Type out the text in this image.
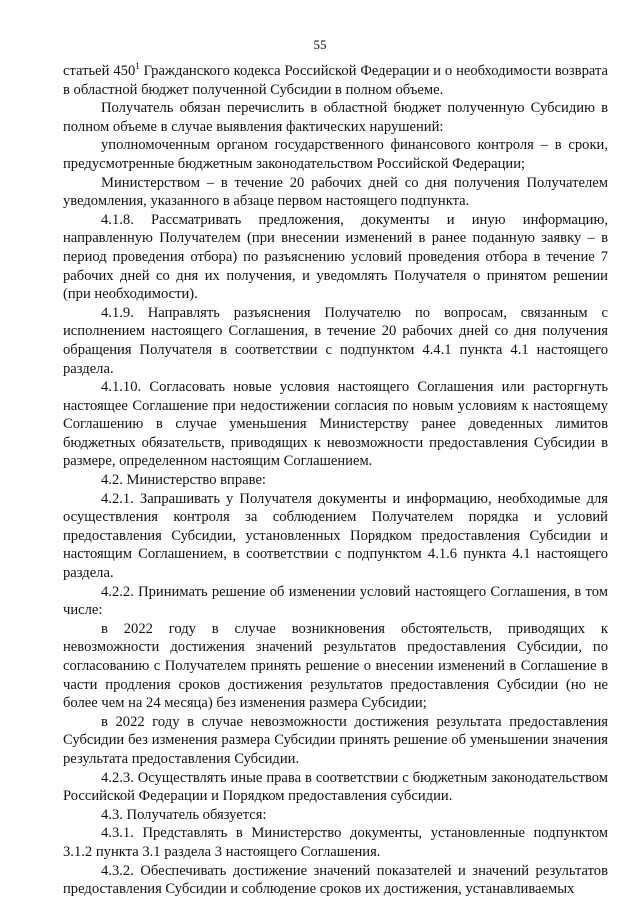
55

статьей $450^1$ Гражданского кодекса Российской Федерации и о необходимости возврата в областной бюджет полученной Субсидии в полном объеме.

Получатель обязан перечислить в областной бюджет полученную Субсидию в полном объеме в случае выявления фактических нарушений:

уполномоченным органом государственного финансового контроля – в сроки, предусмотренные бюджетным законодательством Российской Федерации;

Министерством – в течение 20 рабочих дней со дня получения Получателем уведомления, указанного в абзаце первом настоящего подпункта.

4.1.8. Рассматривать предложения, документы и иную информацию, направленную Получателем (при внесении изменений в ранее поданную заявку – в период проведения отбора) по разъяснению условий проведения отбора в течение 7 рабочих дней со дня их получения, и уведомлять Получателя о принятом решении (при необходимости).

4.1.9. Направлять разъяснения Получателю по вопросам, связанным с исполнением настоящего Соглашения, в течение 20 рабочих дней со дня получения обращения Получателя в соответствии с подпунктом 4.4.1 пункта 4.1 настоящего раздела.

4.1.10. Согласовать новые условия настоящего Соглашения или расторгнуть настоящее Соглашение при недостижении согласия по новым условиям к настоящему Соглашению в случае уменьшения Министерству ранее доведенных лимитов бюджетных обязательств, приводящих к невозможности предоставления Субсидии в размере, определенном настоящим Соглашением.

4.2. Министерство вправе:

4.2.1. Запрашивать у Получателя документы и информацию, необходимые для осуществления контроля за соблюдением Получателем порядка и условий предоставления Субсидии, установленных Порядком предоставления Субсидии и настоящим Соглашением, в соответствии с подпунктом 4.1.6 пункта 4.1 настоящего раздела.

4.2.2. Принимать решение об изменении условий настоящего Соглашения, в том числе:

в 2022 году в случае возникновения обстоятельств, приводящих к невозможности достижения значений результатов предоставления Субсидии, по согласованию с Получателем принять решение о внесении изменений в Соглашение в части продления сроков достижения результатов предоставления Субсидии (но не более чем на 24 месяца) без изменения размера Субсидии;

в 2022 году в случае невозможности достижения результата предоставления Субсидии без изменения размера Субсидии принять решение об уменьшении значения результата предоставления Субсидии.

4.2.3. Осуществлять иные права в соответствии с бюджетным законодательством Российской Федерации и Порядком предоставления субсидии.

4.3. Получатель обязуется:

4.3.1. Представлять в Министерство документы, установленные подпунктом 3.1.2 пункта 3.1 раздела 3 настоящего Соглашения.

4.3.2. Обеспечивать достижение значений показателей и значений результатов предоставления Субсидии и соблюдение сроков их достижения, устанавливаемых
